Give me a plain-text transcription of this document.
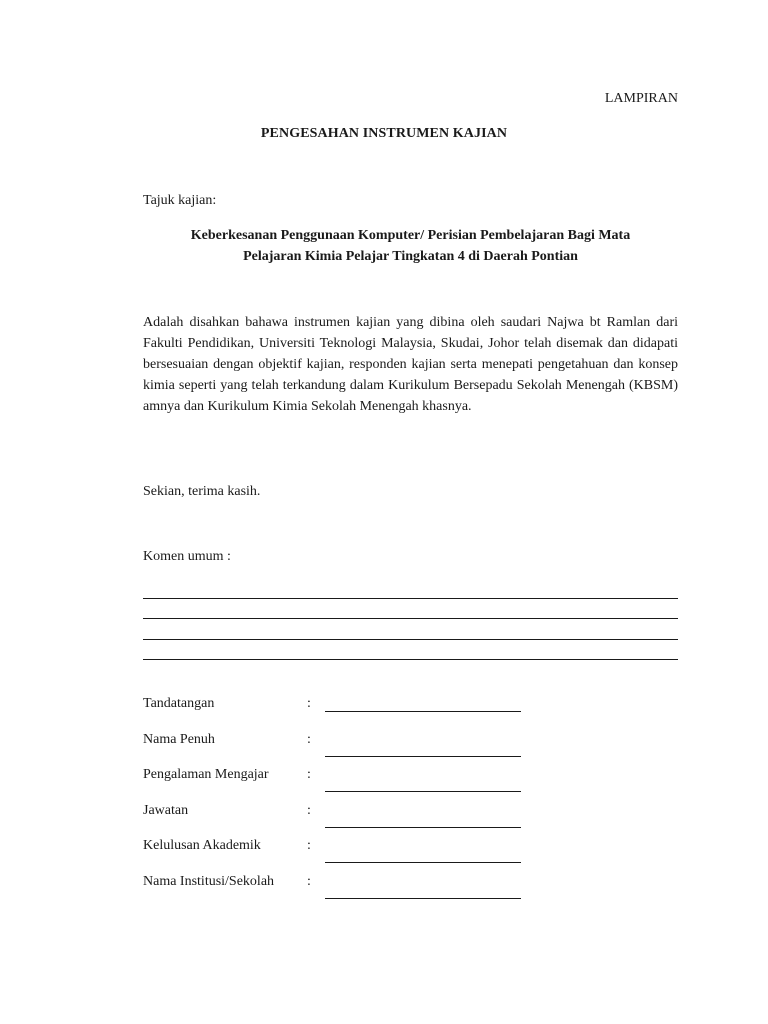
LAMPIRAN
PENGESAHAN INSTRUMEN KAJIAN
Tajuk kajian:
Keberkesanan Penggunaan Komputer/ Perisian Pembelajaran Bagi Mata
Pelajaran Kimia Pelajar Tingkatan 4 di Daerah Pontian
Adalah disahkan bahawa instrumen kajian yang dibina oleh saudari Najwa bt Ramlan dari Fakulti Pendidikan, Universiti Teknologi Malaysia, Skudai, Johor telah disemak dan didapati bersesuaian dengan objektif kajian, responden kajian serta menepati pengetahuan dan konsep kimia seperti yang telah terkandung dalam Kurikulum Bersepadu Sekolah Menengah (KBSM) amnya dan Kurikulum Kimia Sekolah Menengah khasnya.
Sekian, terima kasih.
Komen umum :
Tandatangan	:
Nama Penuh	:
Pengalaman Mengajar	:
Jawatan	:
Kelulusan Akademik	:
Nama Institusi/Sekolah :
